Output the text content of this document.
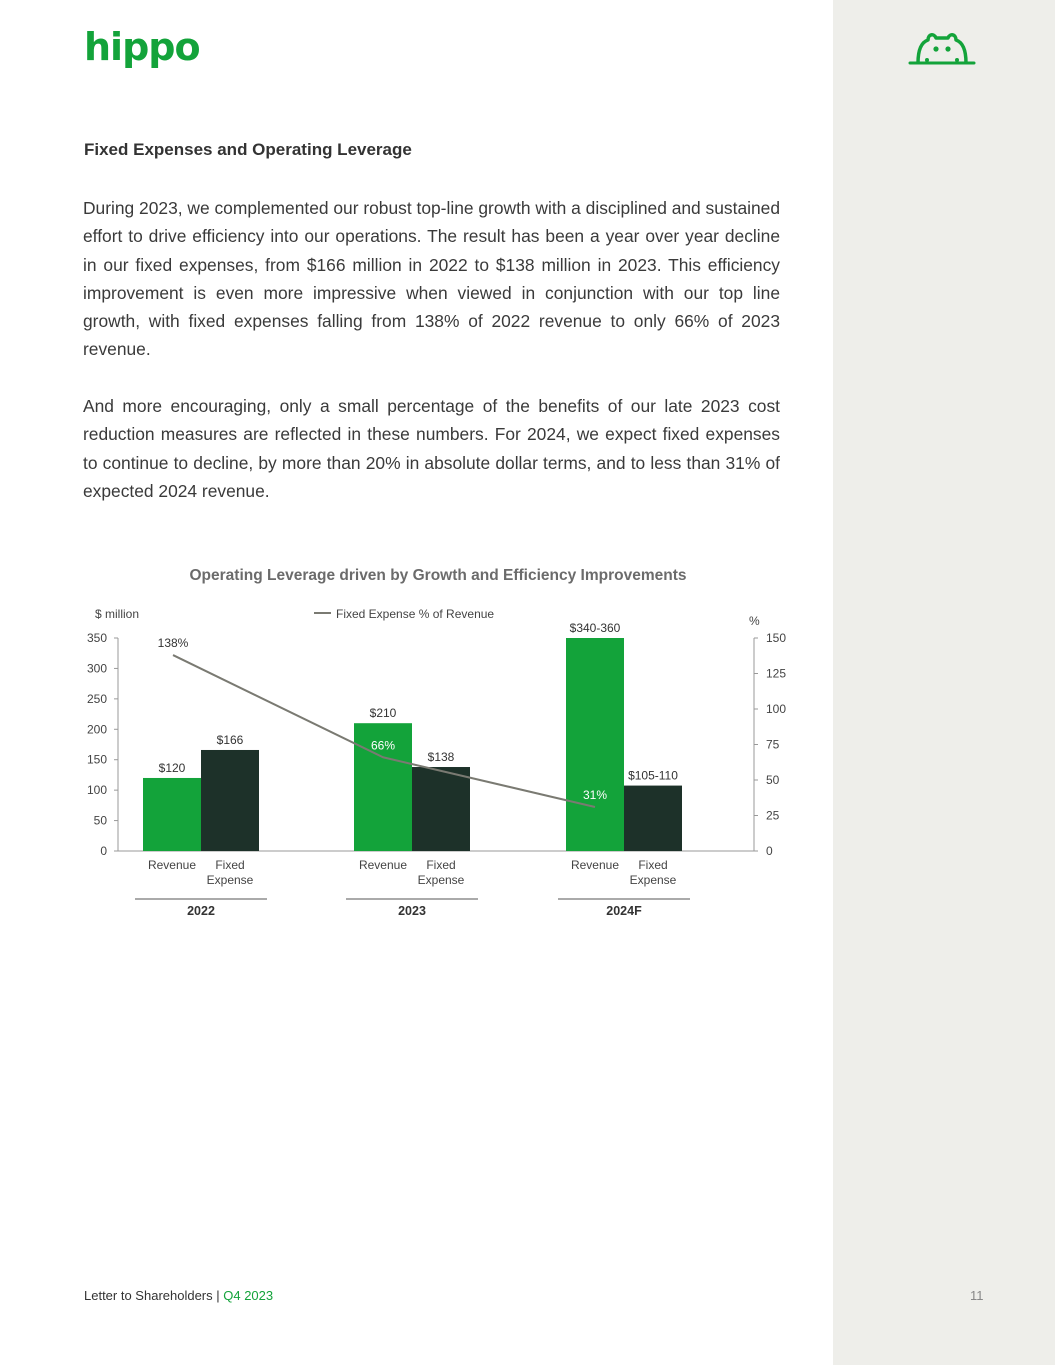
hippo
Fixed Expenses and Operating Leverage

During 2023, we complemented our robust top-line growth with a disciplined and sustained effort to drive efficiency into our operations. The result has been a year over year decline in our fixed expenses, from $166 million in 2022 to $138 million in 2023. This efficiency improvement is even more impressive when viewed in conjunction with our top line growth, with fixed expenses falling from 138% of 2022 revenue to only 66% of 2023 revenue.

And more encouraging, only a small percentage of the benefits of our late 2023 cost reduction measures are reflected in these numbers. For 2024, we expect fixed expenses to continue to decline, by more than 20% in absolute dollar terms, and to less than 31% of expected 2024 revenue.

Operating Leverage driven by Growth and Efficiency Improvements
$ million	%
Fixed Expense % of Revenue
0
50
100
150
200
250
300
350
0
25
50
75
100
125
150
$120
Revenue
$166
Fixed
Expense
2022
$210
Revenue
$138
Fixed
Expense
2023
$340-360
Revenue
$105-110
Fixed
Expense
2024F
138%
66%
31%
Letter to Shareholders | Q4 2023	11
